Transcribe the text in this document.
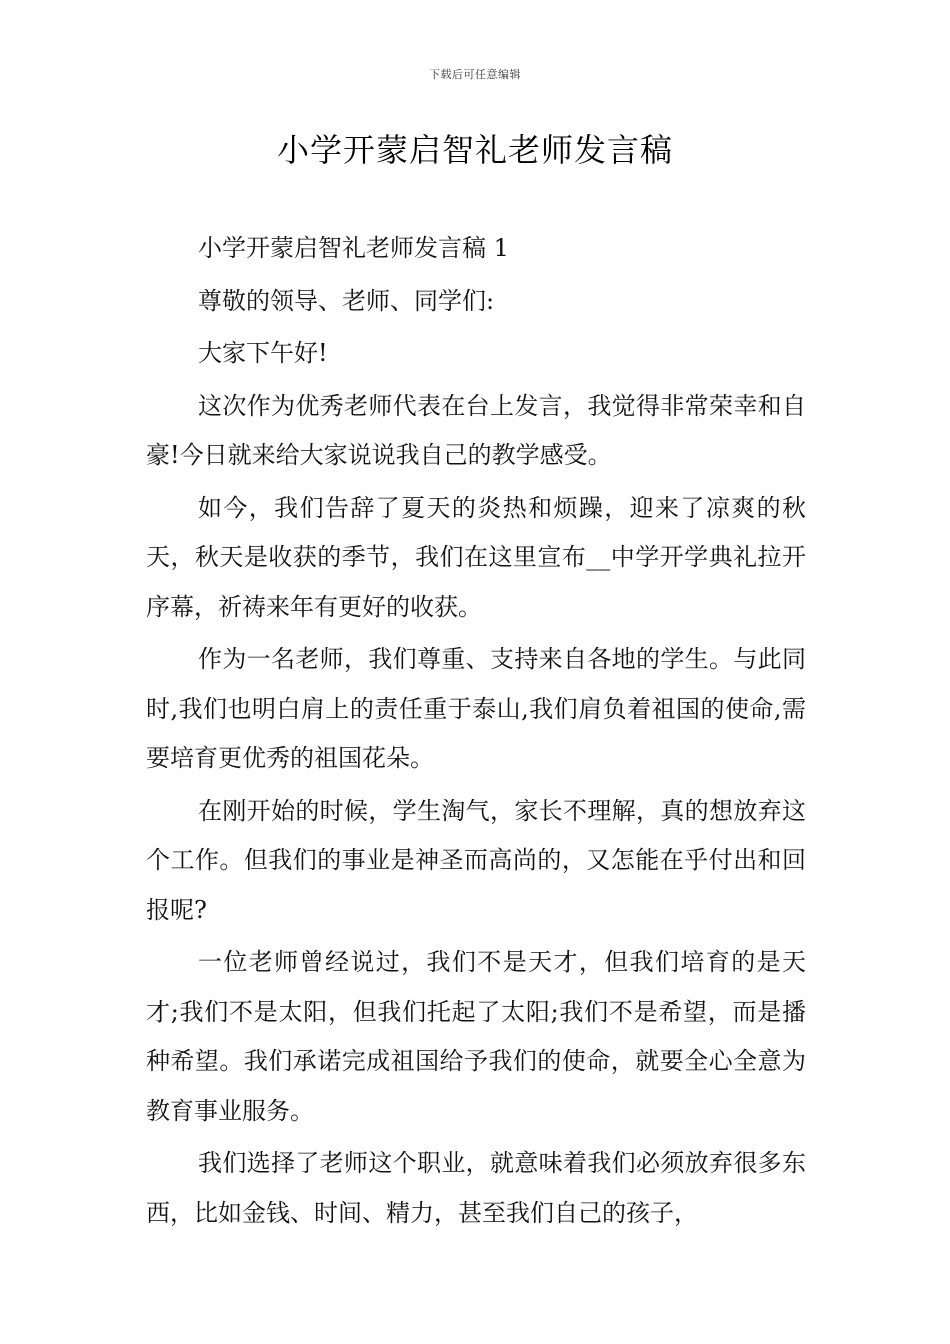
下载后可任意编辑
小学开蒙启智礼老师发言稿

小学开蒙启智礼老师发言稿 1

尊敬的领导、老师、同学们:

大家下午好!

这次作为优秀老师代表在台上发言，我觉得非常荣幸和自豪!今日就来给大家说说我自己的教学感受。

如今，我们告辞了夏天的炎热和烦躁，迎来了凉爽的秋天，秋天是收获的季节，我们在这里宣布__中学开学典礼拉开序幕，祈祷来年有更好的收获。

作为一名老师，我们尊重、支持来自各地的学生。与此同时,我们也明白肩上的责任重于泰山,我们肩负着祖国的使命,需要培育更优秀的祖国花朵。

在刚开始的时候，学生淘气，家长不理解，真的想放弃这个工作。但我们的事业是神圣而高尚的，又怎能在乎付出和回报呢?

一位老师曾经说过，我们不是天才，但我们培育的是天才;我们不是太阳，但我们托起了太阳;我们不是希望，而是播种希望。我们承诺完成祖国给予我们的使命，就要全心全意为教育事业服务。

我们选择了老师这个职业，就意味着我们必须放弃很多东西，比如金钱、时间、精力，甚至我们自己的孩子，
